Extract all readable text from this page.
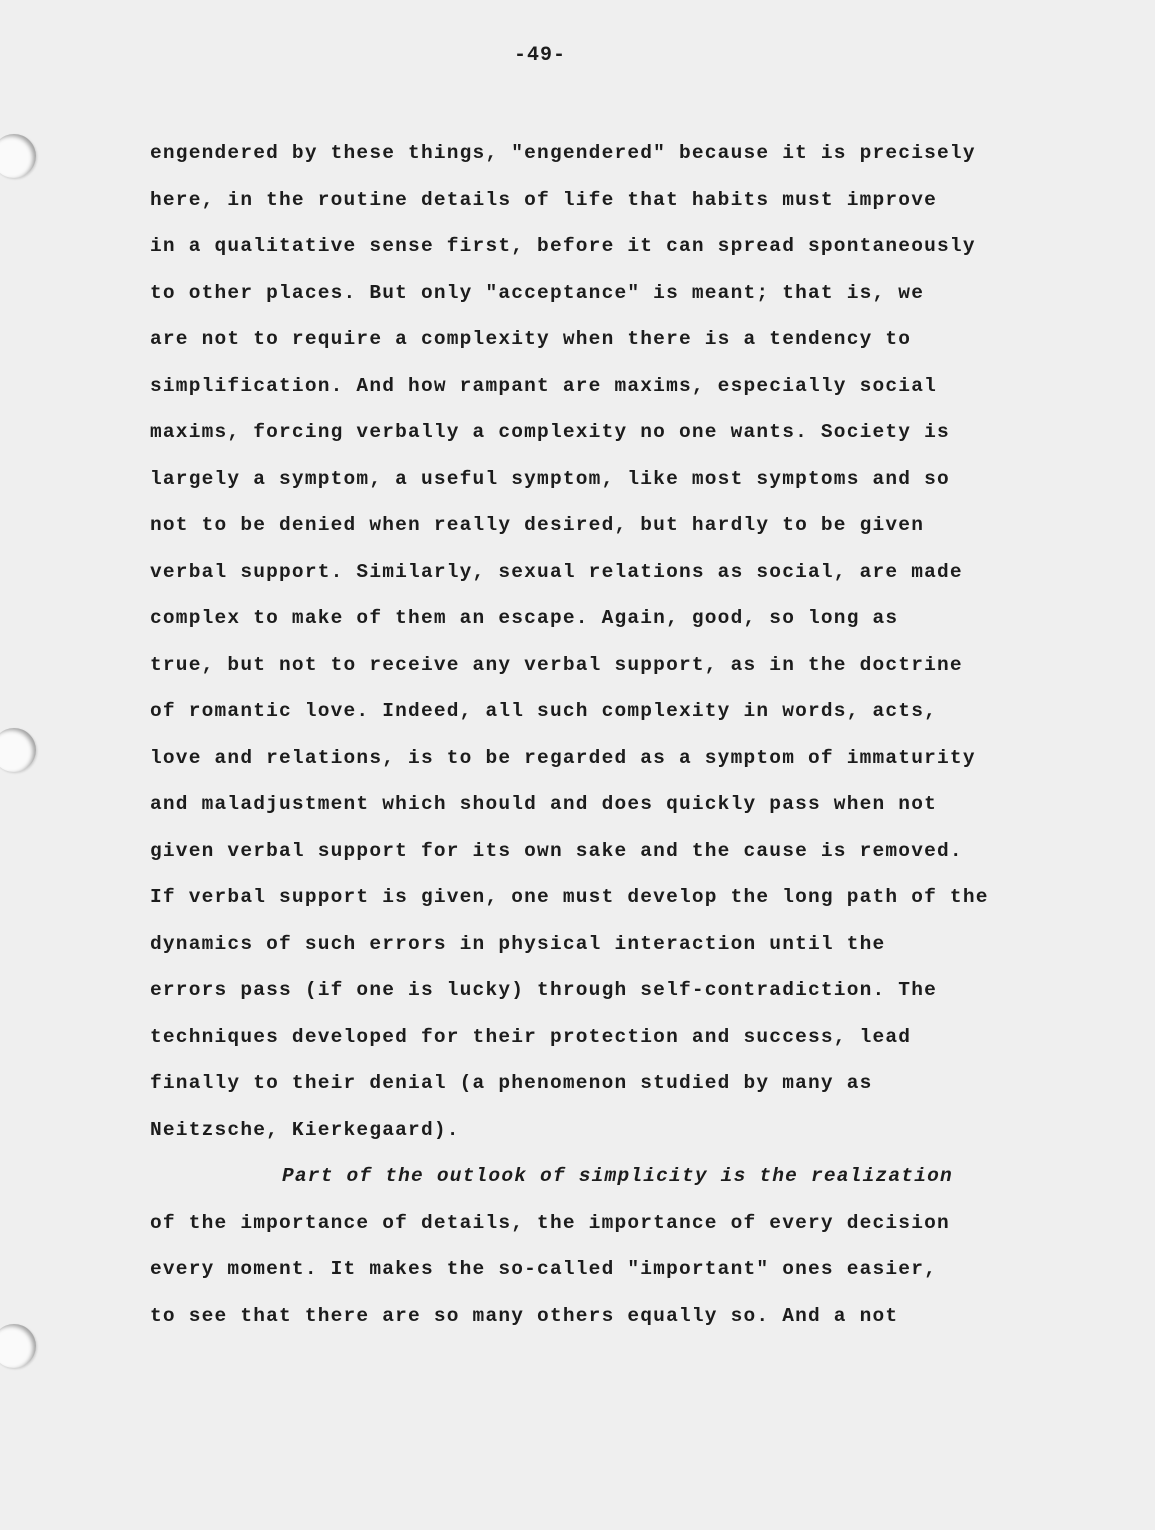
-49-
engendered by these things, "engendered" because it is precisely
here, in the routine details of life that habits must improve
in a qualitative sense first, before it can spread spontaneously
to other places. But only "acceptance" is meant; that is, we
are not to require a complexity when there is a tendency to
simplification. And how rampant are maxims, especially social
maxims, forcing verbally a complexity no one wants. Society is
largely a symptom, a useful symptom, like most symptoms and so
not to be denied when really desired, but hardly to be given
verbal support. Similarly, sexual relations as social, are made
complex to make of them an escape. Again, good, so long as
true, but not to receive any verbal support, as in the doctrine
of romantic love. Indeed, all such complexity in words, acts,
love and relations, is to be regarded as a symptom of immaturity
and maladjustment which should and does quickly pass when not
given verbal support for its own sake and the cause is removed.
If verbal support is given, one must develop the long path of the
dynamics of such errors in physical interaction until the
errors pass (if one is lucky) through self-contradiction. The
techniques developed for their protection and success, lead
finally to their denial (a phenomenon studied by many as
Neitzsche, Kierkegaard).
Part of the outlook of simplicity is the realization
of the importance of details, the importance of every decision
every moment. It makes the so-called "important" ones easier,
to see that there are so many others equally so. And a not
